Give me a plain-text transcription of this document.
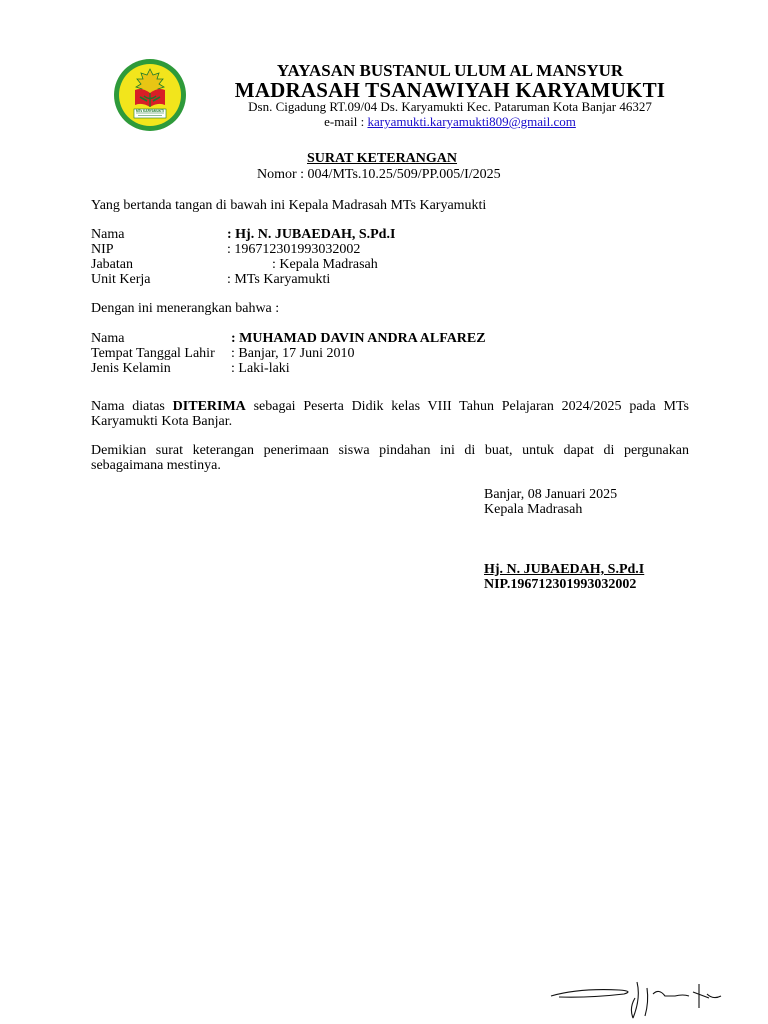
MTs KARYAMUKTI
YAYASAN BUSTANUL ULUM AL MANSYUR
MADRASAH TSANAWIYAH KARYAMUKTI
Dsn. Cigadung RT.09/04 Ds. Karyamukti Kec. Pataruman Kota Banjar 46327
e-mail : karyamukti.karyamukti809@gmail.com
SURAT KETERANGAN
Nomor : 004/MTs.10.25/509/PP.005/I/2025
Yang bertanda tangan di bawah ini Kepala Madrasah MTs Karyamukti
Nama	: Hj. N. JUBAEDAH, S.Pd.I
NIP	: 196712301993032002
Jabatan	: Kepala Madrasah
Unit Kerja	: MTs Karyamukti
Dengan ini menerangkan bahwa :
Nama	: MUHAMAD DAVIN ANDRA ALFAREZ
Tempat Tanggal Lahir : Banjar, 17 Juni 2010
Jenis Kelamin	: Laki-laki
Nama diatas DITERIMA sebagai Peserta Didik kelas VIII Tahun Pelajaran 2024/2025 pada MTs Karyamukti Kota Banjar.
Demikian surat keterangan penerimaan siswa pindahan ini di buat, untuk dapat di pergunakan sebagaimana mestinya.
Banjar, 08 Januari 2025
Kepala Madrasah
Hj. N. JUBAEDAH, S.Pd.I
NIP.196712301993032002
